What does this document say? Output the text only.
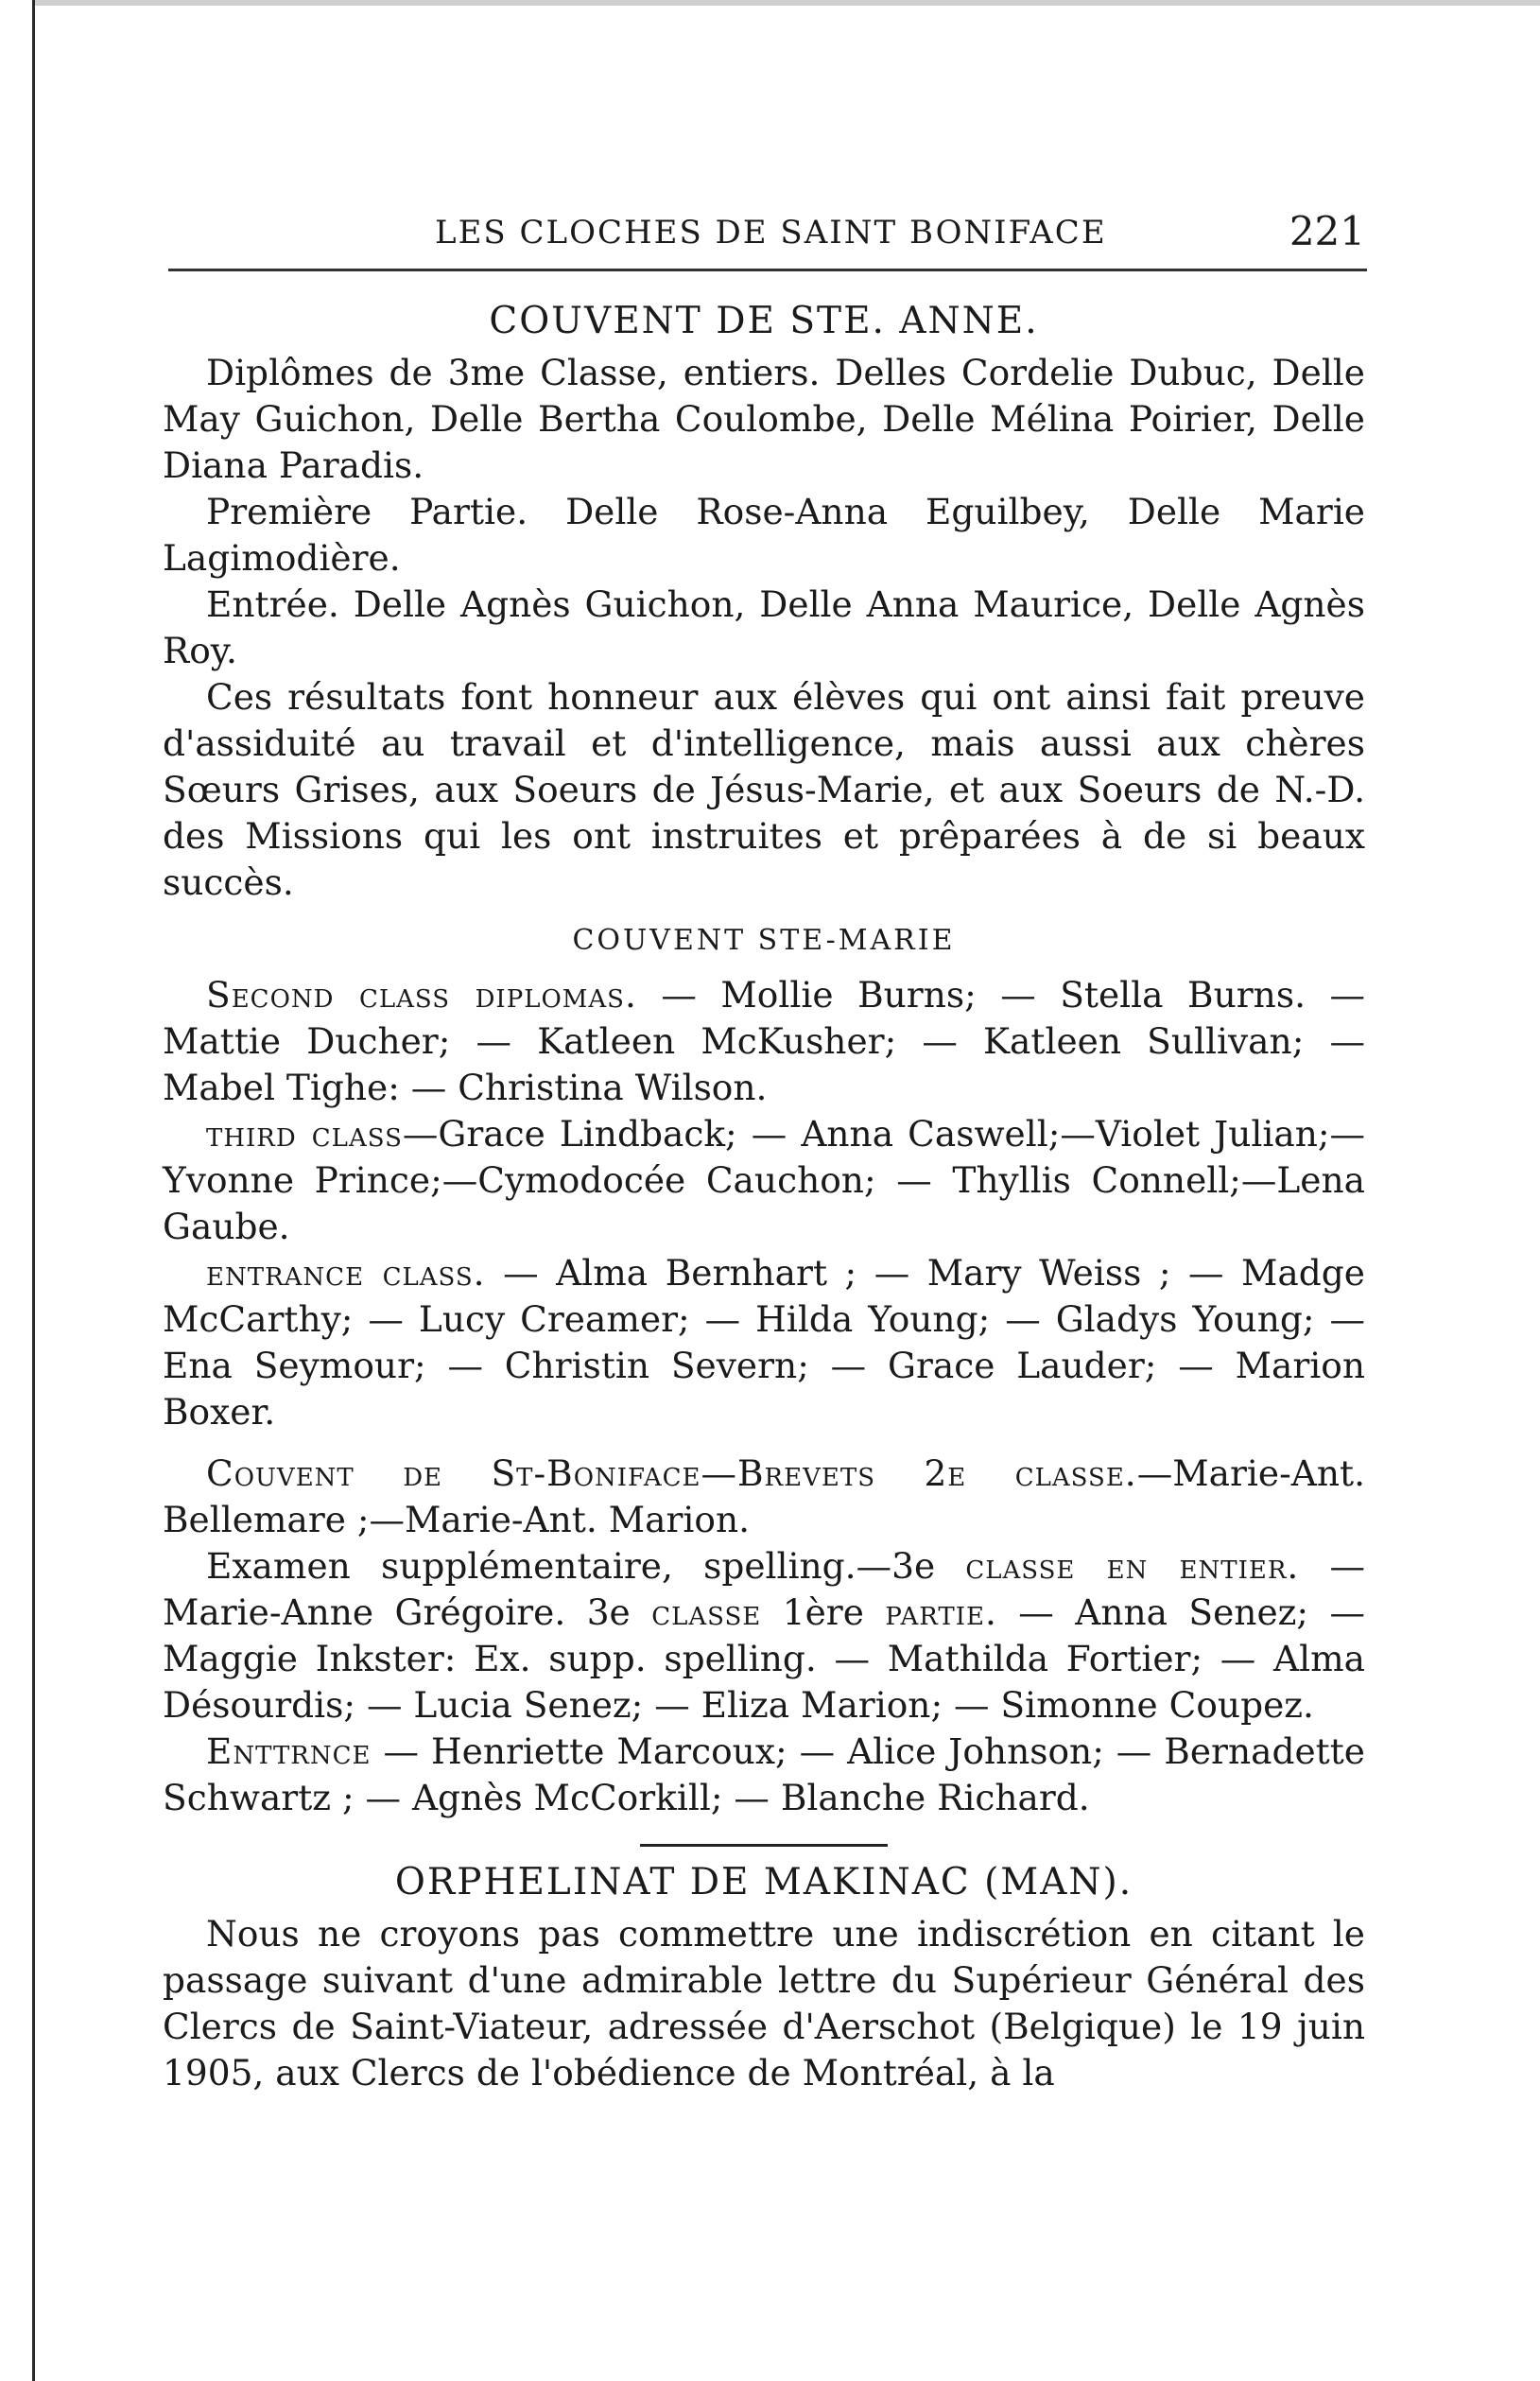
LES CLOCHES DE SAINT BONIFACE	221
COUVENT DE STE. ANNE.

Diplômes de 3me Classe, entiers. Delles Cordelie Dubuc, Delle May Guichon, Delle Bertha Coulombe, Delle Mélina Poirier, Delle Diana Paradis.

Première Partie. Delle Rose-Anna Eguilbey, Delle Marie Lagimodière.

Entrée. Delle Agnès Guichon, Delle Anna Maurice, Delle Agnès Roy.

Ces résultats font honneur aux élèves qui ont ainsi fait preuve d'assiduité au travail et d'intelligence, mais aussi aux chères Sœurs Grises, aux Soeurs de Jésus-Marie, et aux Soeurs de N.-D. des Missions qui les ont instruites et prêparées à de si beaux succès.

COUVENT STE-MARIE

Second class diplomas. — Mollie Burns; — Stella Burns. — Mattie Ducher; — Katleen McKusher; — Katleen Sullivan; — Mabel Tighe: — Christina Wilson.

third class—Grace Lindback; — Anna Caswell;—Violet Julian;—Yvonne Prince;—Cymodocée Cauchon; — Thyllis Connell;—Lena Gaube.

entrance class. — Alma Bernhart ; — Mary Weiss ; — Madge McCarthy; — Lucy Creamer; — Hilda Young; — Gladys Young; — Ena Seymour; — Christin Severn; — Grace Lauder; — Marion Boxer.

Couvent de St-Boniface—Brevets 2e classe.—Marie-Ant. Bellemare ;—Marie-Ant. Marion.

Examen supplémentaire, spelling.—3e classe en entier. — Marie-Anne Grégoire. 3e classe 1ère partie. — Anna Senez; — Maggie Inkster: Ex. supp. spelling. — Mathilda Fortier; — Alma Désourdis; — Lucia Senez; — Eliza Marion; — Simonne Coupez.

Enttrnce — Henriette Marcoux; — Alice Johnson; — Bernadette Schwartz ; — Agnès McCorkill; — Blanche Richard.

ORPHELINAT DE MAKINAC (MAN).

Nous ne croyons pas commettre une indiscrétion en citant le passage suivant d'une admirable lettre du Supérieur Général des Clercs de Saint-Viateur, adressée d'Aerschot (Belgique) le 19 juin 1905, aux Clercs de l'obédience de Montréal, à la
